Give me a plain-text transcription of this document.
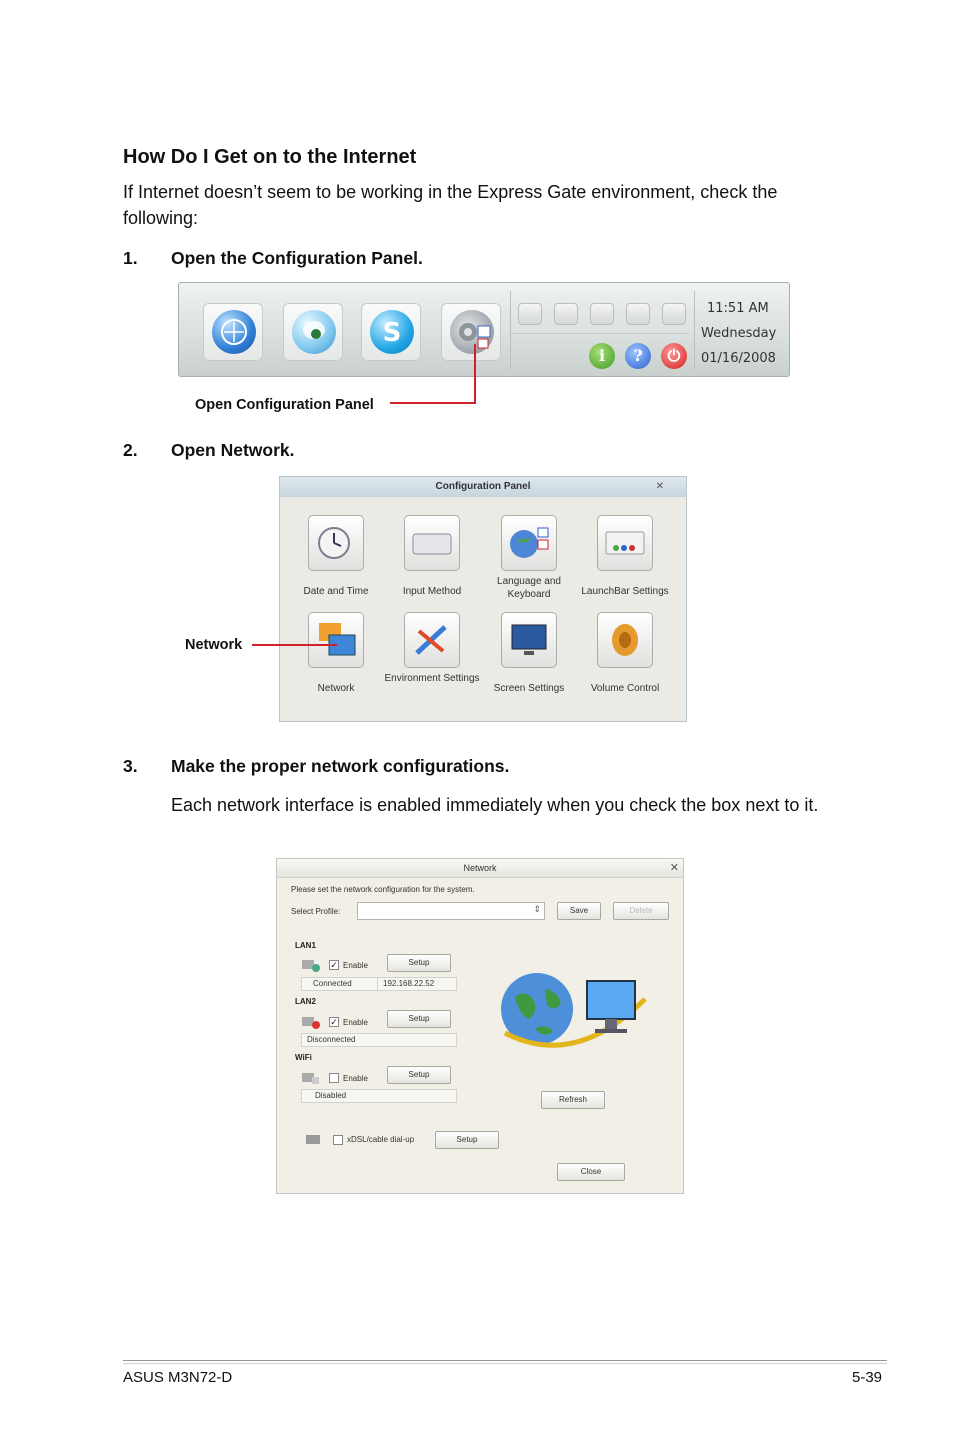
How Do I Get on to the Internet
If Internet doesn’t seem to be working in the Express Gate environment, check the following:
1. Open the Configuration Panel.
S
i	?	⏻
11:51 AM
Wednesday
01/16/2008
Open Configuration Panel
2. Open Network.
Configuration Panel	✕
Date and Time	Input Method
Language and Keyboard	LaunchBar Settings
Network
Environment Settings
Screen Settings	Volume Control
Network
3. Make the proper network configurations.
Each network interface is enabled immediately when you check the box next to it.
Network	✕
Please set the network configuration for the system.
Select Profile:	⇕	Save	Delete
LAN1
✓ Enable	Setup
Connected	192.168.22.52
LAN2
✓ Enable	Setup
Disconnected
WiFi
Enable	Setup
Disabled	Refresh
xDSL/cable dial-up	Setup
Close
ASUS M3N72-D	5-39
